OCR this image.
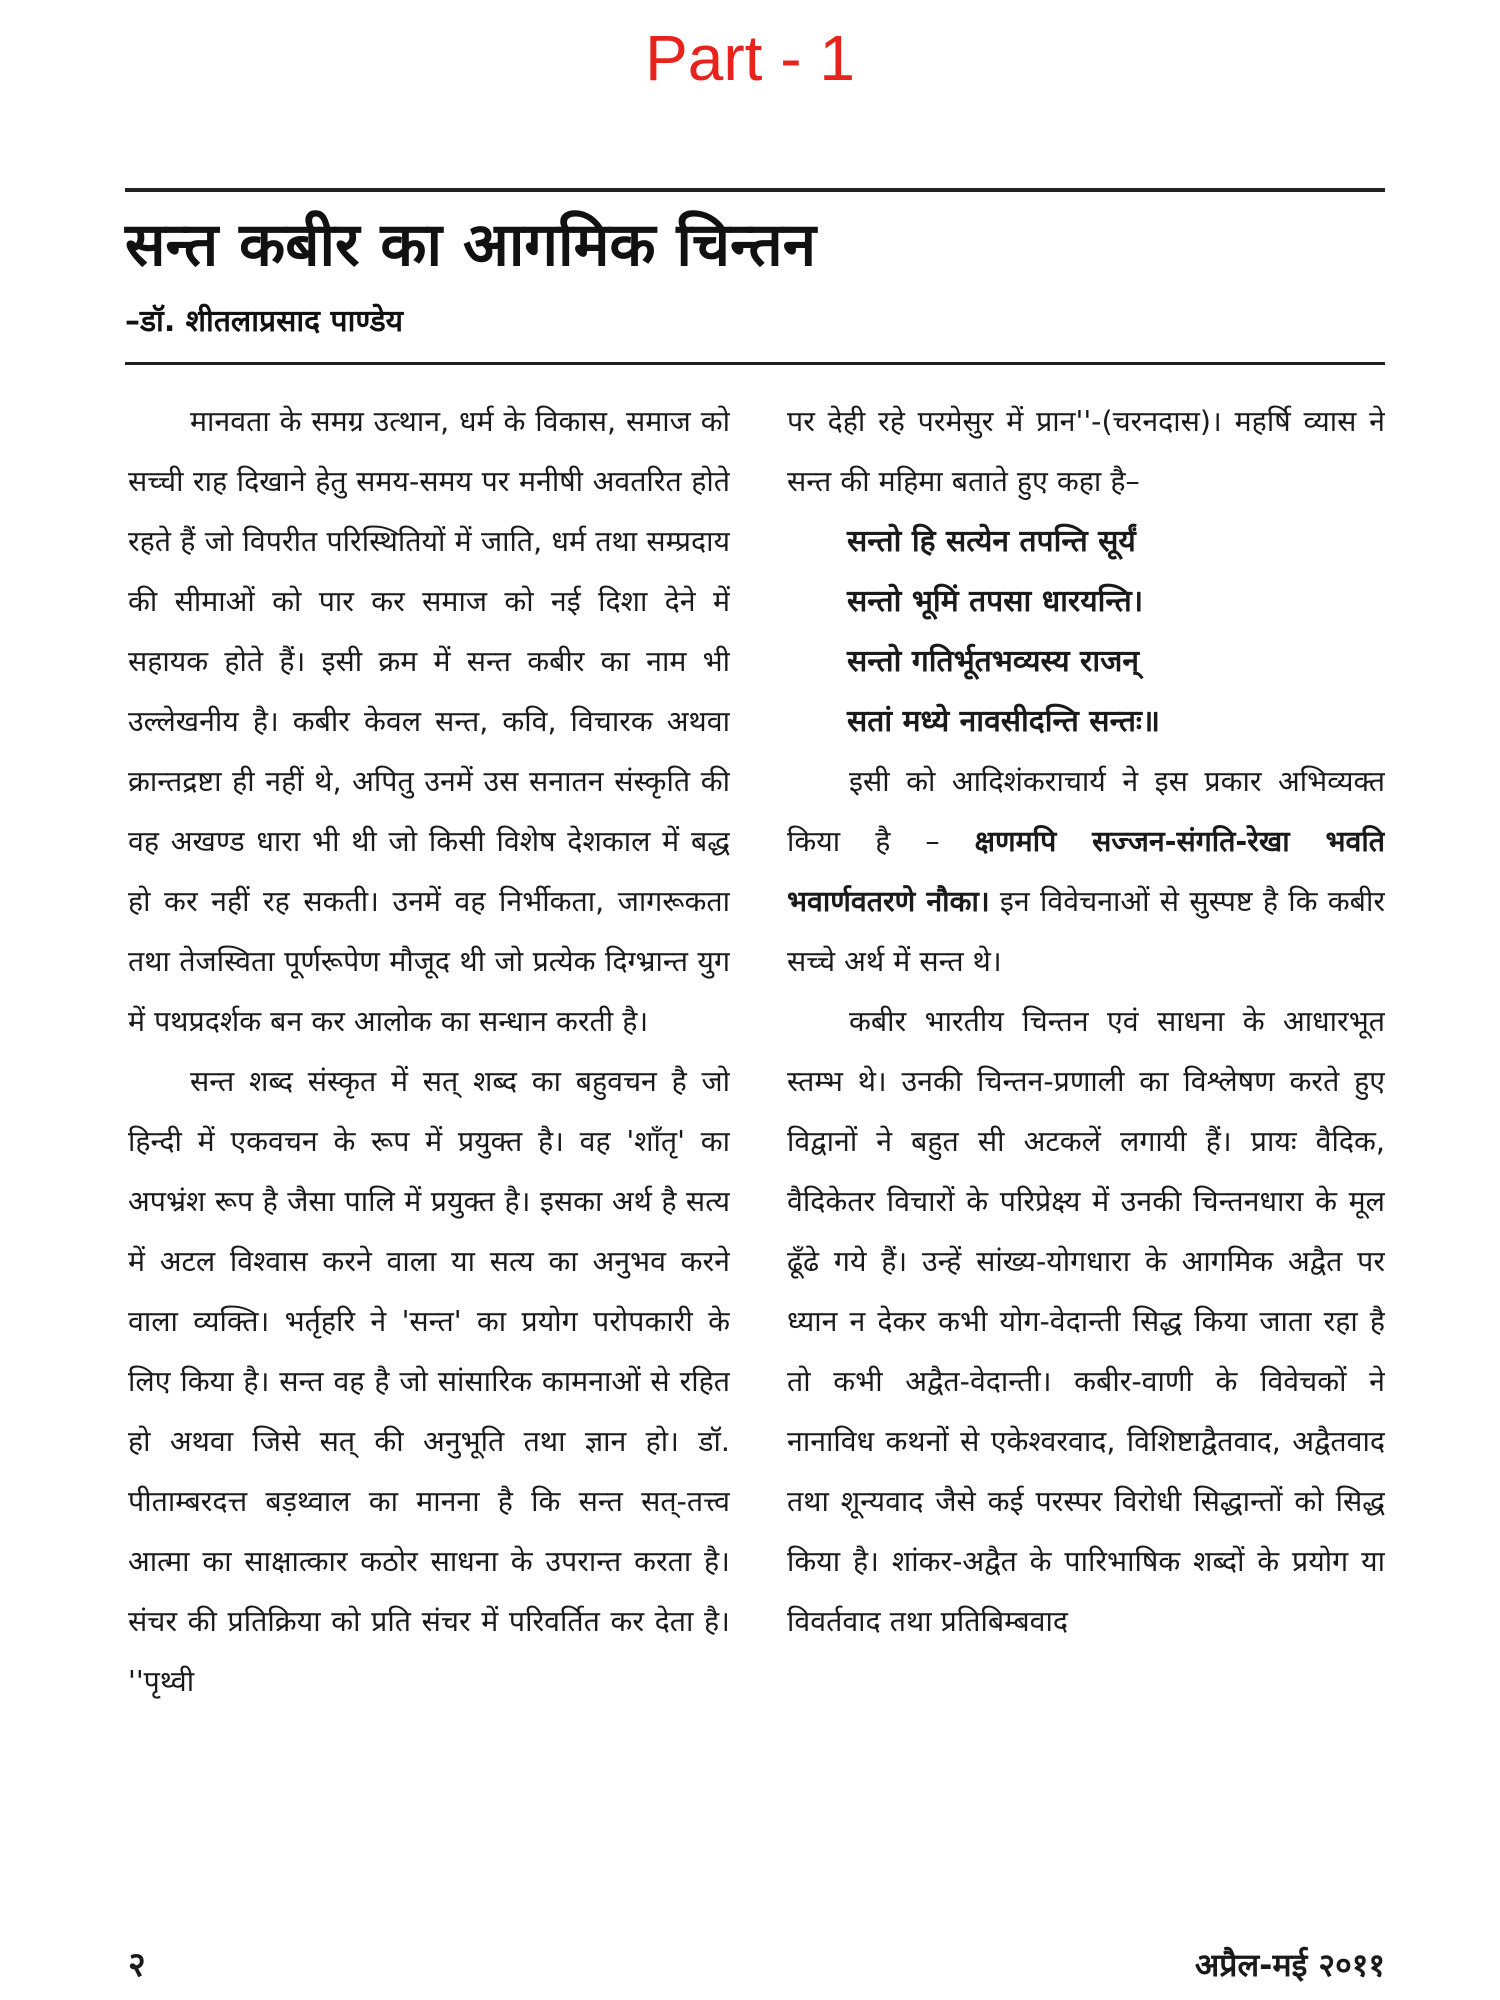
Part - 1
सन्त कबीर का आगमिक चिन्तन
–डॉ. शीतलाप्रसाद पाण्डेय

मानवता के समग्र उत्थान, धर्म के विकास, समाज को सच्ची राह दिखाने हेतु समय-समय पर मनीषी अवतरित होते रहते हैं जो विपरीत परिस्थितियों में जाति, धर्म तथा सम्प्रदाय की सीमाओं को पार कर समाज को नई दिशा देने में सहायक होते हैं। इसी क्रम में सन्त कबीर का नाम भी उल्लेखनीय है। कबीर केवल सन्त, कवि, विचारक अथवा क्रान्तद्रष्टा ही नहीं थे, अपितु उनमें उस सनातन संस्कृति की वह अखण्ड धारा भी थी जो किसी विशेष देशकाल में बद्ध हो कर नहीं रह सकती। उनमें वह निर्भीकता, जागरूकता तथा तेजस्विता पूर्णरूपेण मौजूद थी जो प्रत्येक दिग्भ्रान्त युग में पथप्रदर्शक बन कर आलोक का सन्धान करती है।

सन्त शब्द संस्कृत में सत् शब्द का बहुवचन है जो हिन्दी में एकवचन के रूप में प्रयुक्त है। वह 'शाँतृ' का अपभ्रंश रूप है जैसा पालि में प्रयुक्त है। इसका अर्थ है सत्य में अटल विश्वास करने वाला या सत्य का अनुभव करने वाला व्यक्ति। भर्तृहरि ने 'सन्त' का प्रयोग परोपकारी के लिए किया है। सन्त वह है जो सांसारिक कामनाओं से रहित हो अथवा जिसे सत् की अनुभूति तथा ज्ञान हो। डॉ. पीताम्बरदत्त बड़थ्वाल का मानना है कि सन्त सत्-तत्त्व आत्मा का साक्षात्कार कठोर साधना के उपरान्त करता है। संचर की प्रतिक्रिया को प्रति संचर में परिवर्तित कर देता है। ''पृथ्वी

पर देही रहे परमेसुर में प्रान''-(चरनदास)। महर्षि व्यास ने सन्त की महिमा बताते हुए कहा है–

सन्तो हि सत्येन तपन्ति सूर्यं

सन्तो भूमिं तपसा धारयन्ति।

सन्तो गतिर्भूतभव्यस्य राजन्

सतां मध्ये नावसीदन्ति सन्तः॥

इसी को आदिशंकराचार्य ने इस प्रकार अभिव्यक्त किया है – क्षणमपि सज्जन-संगति-रेखा भवति भवार्णवतरणे नौका। इन विवेचनाओं से सुस्पष्ट है कि कबीर सच्चे अर्थ में सन्त थे।

कबीर भारतीय चिन्तन एवं साधना के आधारभूत स्तम्भ थे। उनकी चिन्तन-प्रणाली का विश्लेषण करते हुए विद्वानों ने बहुत सी अटकलें लगायी हैं। प्रायः वैदिक, वैदिकेतर विचारों के परिप्रेक्ष्य में उनकी चिन्तनधारा के मूल ढूँढे गये हैं। उन्हें सांख्य-योगधारा के आगमिक अद्वैत पर ध्यान न देकर कभी योग-वेदान्ती सिद्ध किया जाता रहा है तो कभी अद्वैत-वेदान्ती। कबीर-वाणी के विवेचकों ने नानाविध कथनों से एकेश्वरवाद, विशिष्टाद्वैतवाद, अद्वैतवाद तथा शून्यवाद जैसे कई परस्पर विरोधी सिद्धान्तों को सिद्ध किया है। शांकर-अद्वैत के पारिभाषिक शब्दों के प्रयोग या विवर्तवाद तथा प्रतिबिम्बवाद

२	अप्रैल-मई २०११
